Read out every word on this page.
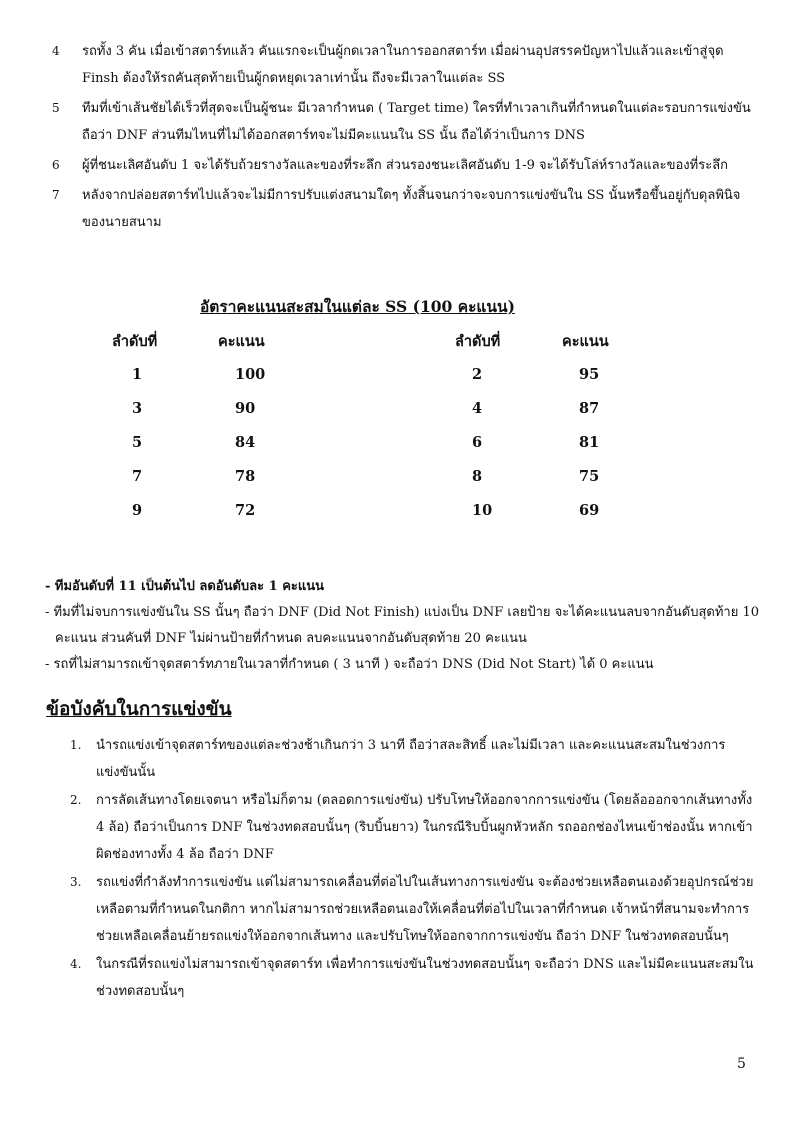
4	รถทั้ง 3 คัน เมื่อเข้าสตาร์ทแล้ว คันแรกจะเป็นผู้กดเวลาในการออกสตาร์ท เมื่อผ่านอุปสรรคปัญหาไปแล้วและเข้าสู่จุด Finsh ต้องให้รถคันสุดท้ายเป็นผู้กดหยุดเวลาเท่านั้น ถึงจะมีเวลาในแต่ละ SS
5	ทีมที่เข้าเส้นชัยได้เร็วที่สุดจะเป็นผู้ชนะ มีเวลากำหนด ( Target time) ใครที่ทำเวลาเกินที่กำหนดในแต่ละรอบการแข่งขันถือว่า DNF ส่วนทีมไหนที่ไม่ได้ออกสตาร์ทจะไม่มีคะแนนใน SS นั้น ถือได้ว่าเป็นการ DNS
6	ผู้ที่ชนะเลิศอันดับ 1 จะได้รับถ้วยรางวัลและของที่ระลึก ส่วนรองชนะเลิศอันดับ 1-9 จะได้รับโล่ห์รางวัลและของที่ระลึก
7	หลังจากปล่อยสตาร์ทไปแล้วจะไม่มีการปรับแต่งสนามใดๆ ทั้งสิ้นจนกว่าจะจบการแข่งขันใน SS นั้นหรือขึ้นอยู่กับดุลพินิจของนายสนาม
อัตราคะแนนสะสมในแต่ละ SS (100 คะแนน)
ลำดับที่	คะแนน	ลำดับที่	คะแนน
1	100	2	95
3	90	4	87
5	84	6	81
7	78	8	75
9	72	10	69
- ทีมอันดับที่ 11 เป็นต้นไป ลดอันดับละ 1 คะแนน
- ทีมที่ไม่จบการแข่งขันใน SS นั้นๆ ถือว่า DNF (Did Not Finish) แบ่งเป็น DNF เลยป้าย จะได้คะแนนลบจากอันดับสุดท้าย 10
คะแนน ส่วนคันที่ DNF ไม่ผ่านป้ายที่กำหนด ลบคะแนนจากอันดับสุดท้าย 20 คะแนน
- รถที่ไม่สามารถเข้าจุดสตาร์ทภายในเวลาที่กำหนด ( 3 นาที ) จะถือว่า DNS (Did Not Start) ได้ 0 คะแนน
ข้อบังคับในการแข่งขัน
1. นำรถแข่งเข้าจุดสตาร์ทของแต่ละช่วงช้าเกินกว่า 3 นาที ถือว่าสละสิทธิ์ และไม่มีเวลา และคะแนนสะสมในช่วงการแข่งขันนั้น
2. การลัดเส้นทางโดยเจตนา หรือไม่ก็ตาม (ตลอดการแข่งขัน) ปรับโทษให้ออกจากการแข่งขัน (โดยล้อออกจากเส้นทางทั้ง 4 ล้อ) ถือว่าเป็นการ DNF ในช่วงทดสอบนั้นๆ (ริบบิ้นยาว) ในกรณีริบบิ้นผูกหัวหลัก รถออกช่องไหนเข้าช่องนั้น หากเข้าผิดช่องทางทั้ง 4 ล้อ ถือว่า DNF
3. รถแข่งที่กำลังทำการแข่งขัน แต่ไม่สามารถเคลื่อนที่ต่อไปในเส้นทางการแข่งขัน จะต้องช่วยเหลือตนเองด้วยอุปกรณ์ช่วยเหลือตามที่กำหนดในกติกา หากไม่สามารถช่วยเหลือตนเองให้เคลื่อนที่ต่อไปในเวลาที่กำหนด เจ้าหน้าที่สนามจะทำการช่วยเหลือเคลื่อนย้ายรถแข่งให้ออกจากเส้นทาง และปรับโทษให้ออกจากการแข่งขัน ถือว่า DNF ในช่วงทดสอบนั้นๆ
4. ในกรณีที่รถแข่งไม่สามารถเข้าจุดสตาร์ท เพื่อทำการแข่งขันในช่วงทดสอบนั้นๆ จะถือว่า DNS และไม่มีคะแนนสะสมในช่วงทดสอบนั้นๆ
5
